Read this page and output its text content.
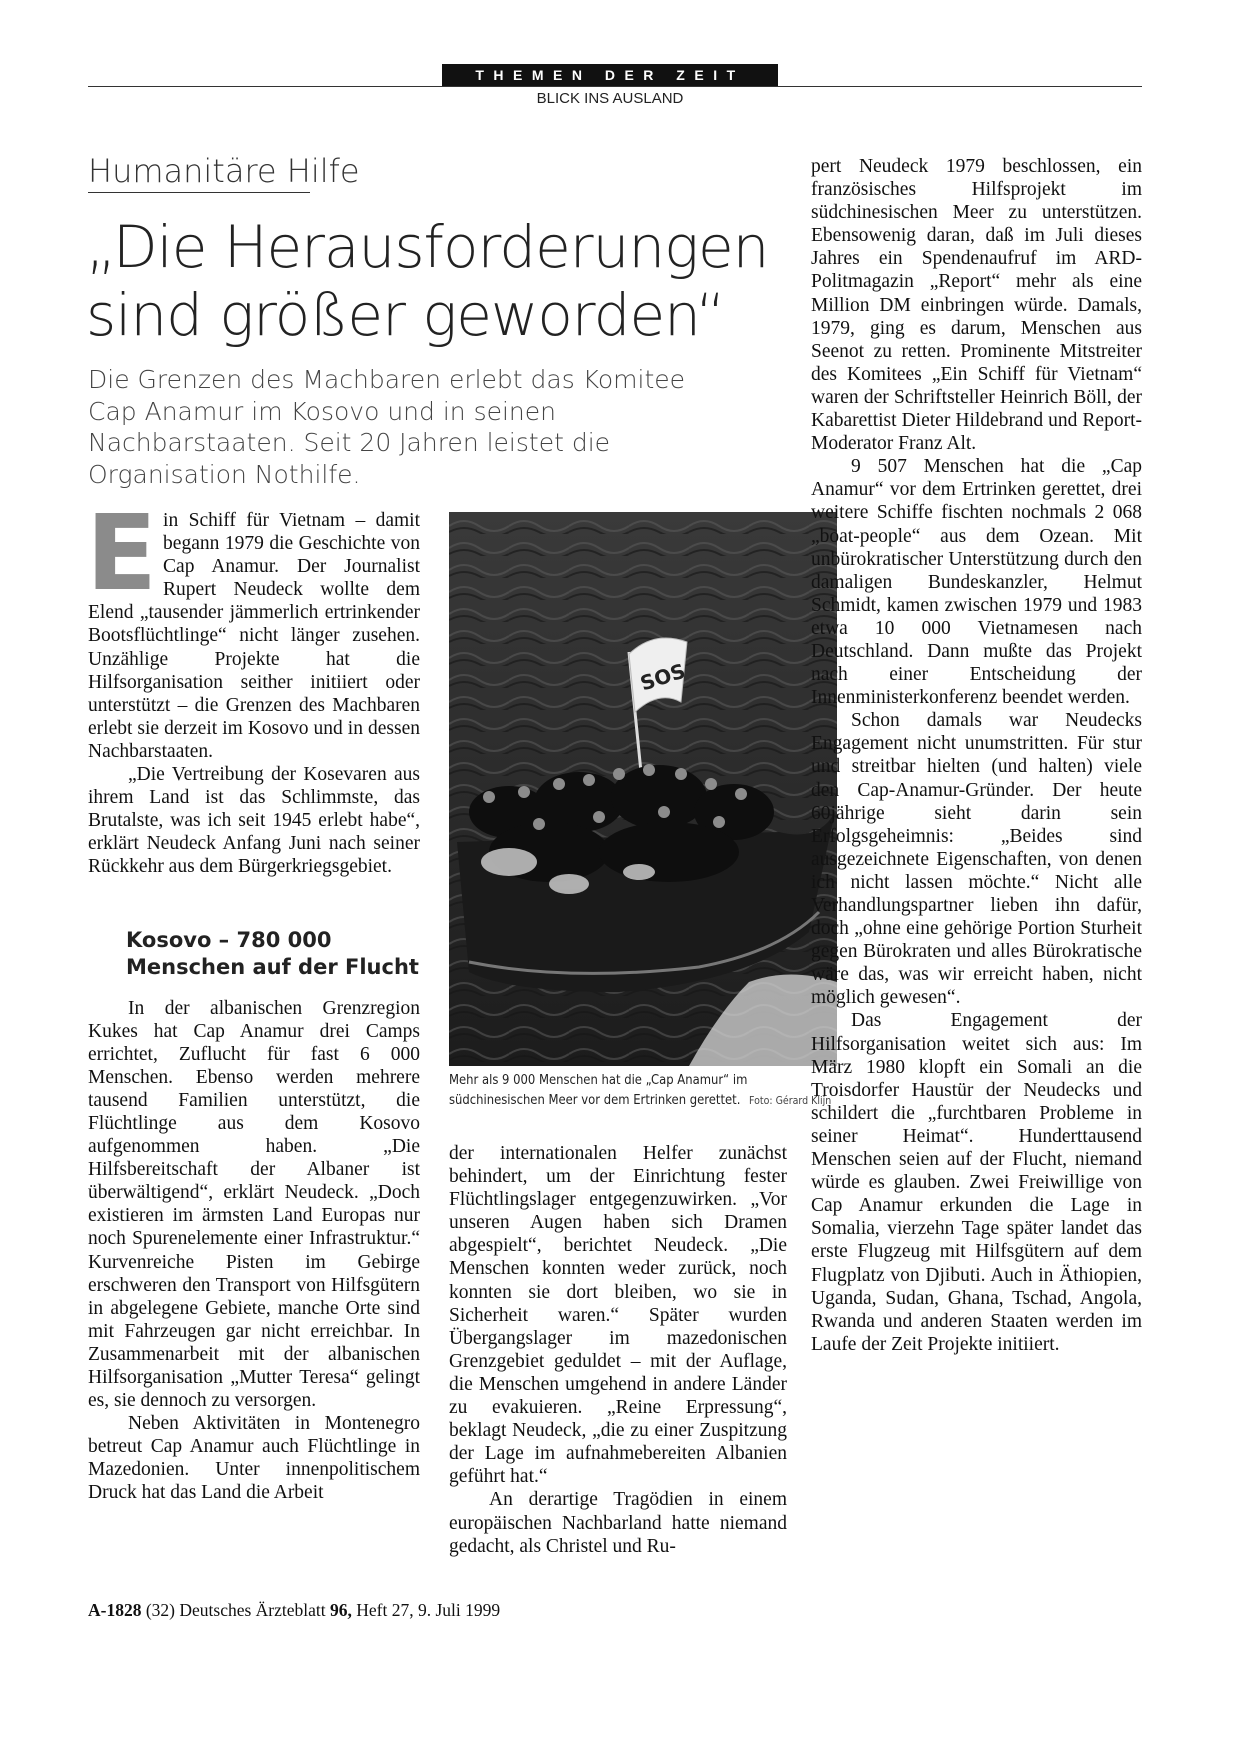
THEMEN DER ZEIT
BLICK INS AUSLAND
Humanitäre Hilfe
„Die Herausforderungen sind größer geworden“
Die Grenzen des Machbaren erlebt das Komitee Cap Anamur im Kosovo und in seinen Nachbarstaaten. Seit 20 Jahren leistet die Organisation Nothilfe.

Ein Schiff für Vietnam – damit begann 1979 die Geschichte von Cap Anamur. Der Journalist Rupert Neudeck wollte dem Elend „tausender jämmerlich ertrinkender Bootsflüchtlinge“ nicht länger zusehen. Unzählige Projekte hat die Hilfsorganisation seither initiiert oder unterstützt – die Grenzen des Machbaren erlebt sie derzeit im Kosovo und in dessen Nachbarstaaten.

„Die Vertreibung der Kosevaren aus ihrem Land ist das Schlimmste, das Brutalste, was ich seit 1945 erlebt habe“, erklärt Neudeck Anfang Juni nach seiner Rückkehr aus dem Bürgerkriegsgebiet.

Kosovo – 780 000
Menschen auf der Flucht

In der albanischen Grenzregion Kukes hat Cap Anamur drei Camps errichtet, Zuflucht für fast 6 000 Menschen. Ebenso werden mehrere tausend Familien unterstützt, die Flüchtlinge aus dem Kosovo aufgenommen haben. „Die Hilfsbereitschaft der Albaner ist überwältigend“, erklärt Neudeck. „Doch existieren im ärmsten Land Europas nur noch Spurenelemente einer Infrastruktur.“ Kurvenreiche Pisten im Gebirge erschweren den Transport von Hilfsgütern in abgelegene Gebiete, manche Orte sind mit Fahrzeugen gar nicht erreichbar. In Zusammenarbeit mit der albanischen Hilfsorganisation „Mutter Teresa“ gelingt es, sie dennoch zu versorgen.

Neben Aktivitäten in Montenegro betreut Cap Anamur auch Flüchtlinge in Mazedonien. Unter innenpolitischem Druck hat das Land die Arbeit

SOS
Mehr als 9 000 Menschen hat die „Cap Anamur“ im südchinesischen Meer vor dem Ertrinken gerettet. Foto: Gérard Klijn

der internationalen Helfer zunächst behindert, um der Einrichtung fester Flüchtlingslager entgegenzuwirken. „Vor unseren Augen haben sich Dramen abgespielt“, berichtet Neudeck. „Die Menschen konnten weder zurück, noch konnten sie dort bleiben, wo sie in Sicherheit waren.“ Später wurden Übergangslager im mazedonischen Grenzgebiet geduldet – mit der Auflage, die Menschen umgehend in andere Länder zu evakuieren. „Reine Erpressung“, beklagt Neudeck, „die zu einer Zuspitzung der Lage im aufnahmebereiten Albanien geführt hat.“

An derartige Tragödien in einem europäischen Nachbarland hatte niemand gedacht, als Christel und Ru-

pert Neudeck 1979 beschlossen, ein französisches Hilfsprojekt im südchinesischen Meer zu unterstützen. Ebensowenig daran, daß im Juli dieses Jahres ein Spendenaufruf im ARD-Politmagazin „Report“ mehr als eine Million DM einbringen würde. Damals, 1979, ging es darum, Menschen aus Seenot zu retten. Prominente Mitstreiter des Komitees „Ein Schiff für Vietnam“ waren der Schriftsteller Heinrich Böll, der Kabarettist Dieter Hildebrand und Report-Moderator Franz Alt.

9 507 Menschen hat die „Cap Anamur“ vor dem Ertrinken gerettet, drei weitere Schiffe fischten nochmals 2 068 „boat-people“ aus dem Ozean. Mit unbürokratischer Unterstützung durch den damaligen Bundeskanzler, Helmut Schmidt, kamen zwischen 1979 und 1983 etwa 10 000 Vietnamesen nach Deutschland. Dann mußte das Projekt nach einer Entscheidung der Innenministerkonferenz beendet werden.

Schon damals war Neudecks Engagement nicht unumstritten. Für stur und streitbar hielten (und halten) viele den Cap-Anamur-Gründer. Der heute 60jährige sieht darin sein Erfolgsgeheimnis: „Beides sind ausgezeichnete Eigenschaften, von denen ich nicht lassen möchte.“ Nicht alle Verhandlungspartner lieben ihn dafür, doch „ohne eine gehörige Portion Sturheit gegen Bürokraten und alles Bürokratische wäre das, was wir erreicht haben, nicht möglich gewesen“.

Das Engagement der Hilfsorganisation weitet sich aus: Im März 1980 klopft ein Somali an die Troisdorfer Haustür der Neudecks und schildert die „furchtbaren Probleme in seiner Heimat“. Hunderttausend Menschen seien auf der Flucht, niemand würde es glauben. Zwei Freiwillige von Cap Anamur erkunden die Lage in Somalia, vierzehn Tage später landet das erste Flugzeug mit Hilfsgütern auf dem Flugplatz von Djibuti. Auch in Äthiopien, Uganda, Sudan, Ghana, Tschad, Angola, Rwanda und anderen Staaten werden im Laufe der Zeit Projekte initiiert.

A-1828 (32) Deutsches Ärzteblatt 96, Heft 27, 9. Juli 1999
